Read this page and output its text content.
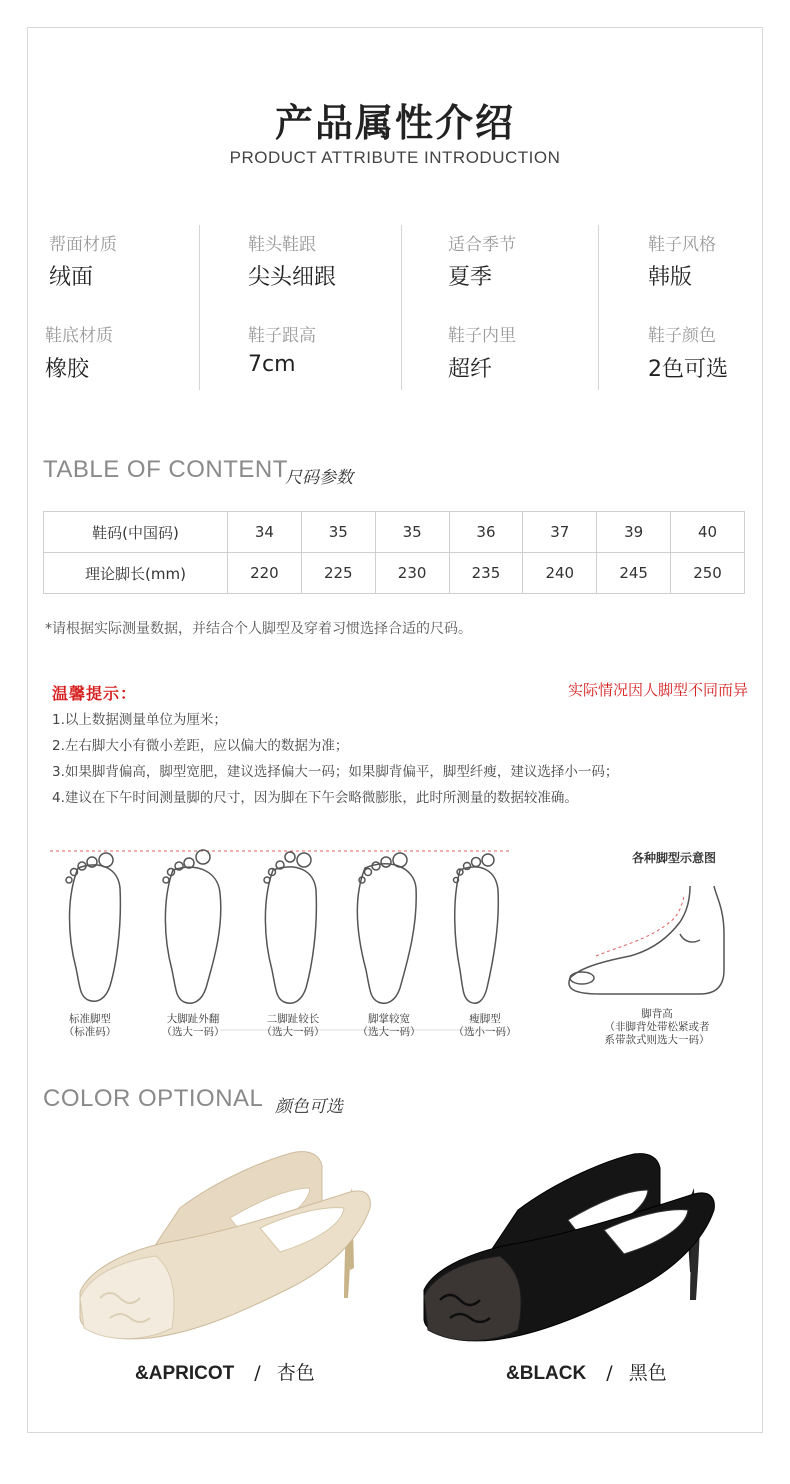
产品属性介绍
PRODUCT ATTRIBUTE INTRODUCTION
帮面材质
绒面
鞋头鞋跟
尖头细跟
适合季节
夏季
鞋子风格
韩版
鞋底材质
橡胶
鞋子跟高
7cm
鞋子内里
超纤
鞋子颜色
2色可选
TABLE OF CONTENT
尺码参数
鞋码(中国码)	34	35	35	36	37	39	40
理论脚长(mm)	220	225	230	235	240	245	250
*请根据实际测量数据，并结合个人脚型及穿着习惯选择合适的尺码。
温馨提示：	实际情况因人脚型不同而异
1.以上数据测量单位为厘米；
2.左右脚大小有微小差距，应以偏大的数据为准；
3.如果脚背偏高，脚型宽肥，建议选择偏大一码；如果脚背偏平，脚型纤瘦，建议选择小一码；
4.建议在下午时间测量脚的尺寸，因为脚在下午会略微膨胀，此时所测量的数据较准确。
各种脚型示意图
标准脚型
（标准码）
大脚趾外翻
（选大一码）
二脚趾较长
（选大一码）
脚掌较宽
（选大一码）
瘦脚型
（选小一码）
脚背高
（非脚背处带松紧或者
系带款式则选大一码）
COLOR OPTIONAL 颜色可选
&APRICOT / 杏色	&BLACK / 黑色
